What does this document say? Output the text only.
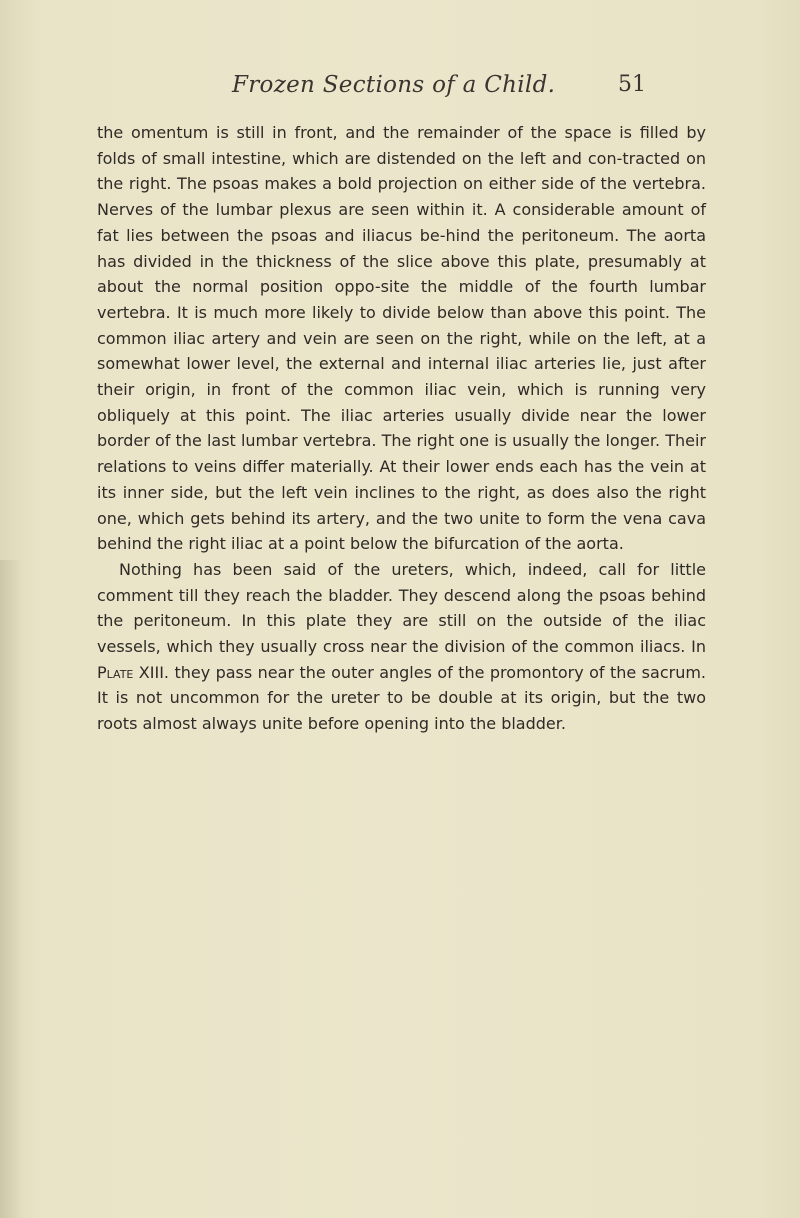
Frozen Sections of a Child.	51

the omentum is still in front, and the remainder of the space is filled by folds of small intestine, which are distended on the left and con-tracted on the right. The psoas makes a bold projection on either side of the vertebra. Nerves of the lumbar plexus are seen within it. A considerable amount of fat lies between the psoas and iliacus be-hind the peritoneum. The aorta has divided in the thickness of the slice above this plate, presumably at about the normal position oppo-site the middle of the fourth lumbar vertebra. It is much more likely to divide below than above this point. The common iliac artery and vein are seen on the right, while on the left, at a somewhat lower level, the external and internal iliac arteries lie, just after their origin, in front of the common iliac vein, which is running very obliquely at this point. The iliac arteries usually divide near the lower border of the last lumbar vertebra. The right one is usually the longer. Their relations to veins differ materially. At their lower ends each has the vein at its inner side, but the left vein inclines to the right, as does also the right one, which gets behind its artery, and the two unite to form the vena cava behind the right iliac at a point below the bifurcation of the aorta.

Nothing has been said of the ureters, which, indeed, call for little comment till they reach the bladder. They descend along the psoas behind the peritoneum. In this plate they are still on the outside of the iliac vessels, which they usually cross near the division of the common iliacs. In Plate XIII. they pass near the outer angles of the promontory of the sacrum. It is not uncommon for the ureter to be double at its origin, but the two roots almost always unite before opening into the bladder.
